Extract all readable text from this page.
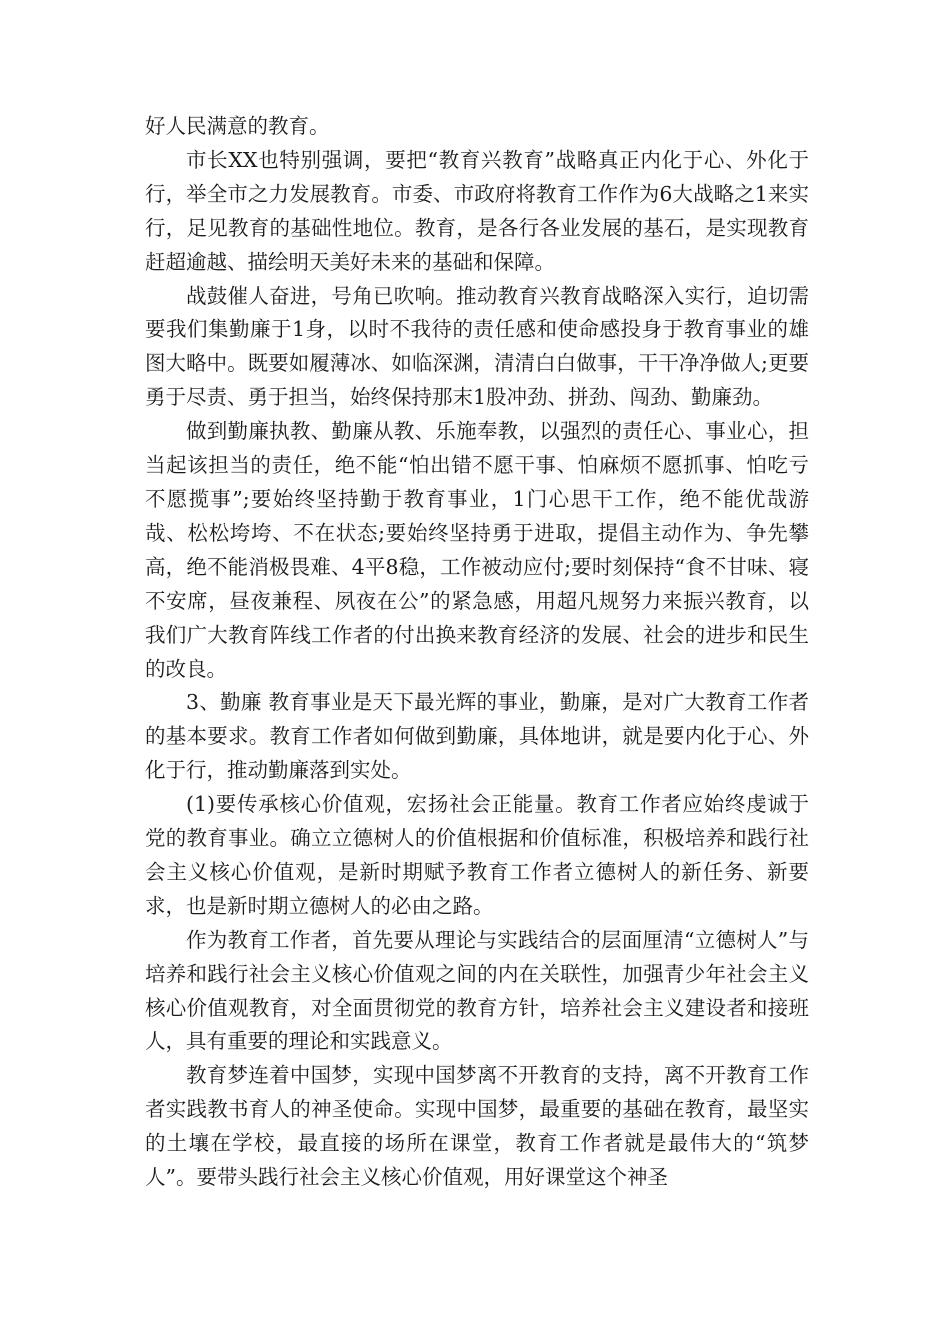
好人民满意的教育。

市长XX也特别强调，要把“教育兴教育”战略真正内化于心、外化于行，举全市之力发展教育。市委、市政府将教育工作作为6大战略之1来实行，足见教育的基础性地位。教育，是各行各业发展的基石，是实现教育赶超逾越、描绘明天美好未来的基础和保障。

战鼓催人奋进，号角已吹响。推动教育兴教育战略深入实行，迫切需要我们集勤廉于1身，以时不我待的责任感和使命感投身于教育事业的雄图大略中。既要如履薄冰、如临深渊，清清白白做事，干干净净做人;更要勇于尽责、勇于担当，始终保持那末1股冲劲、拼劲、闯劲、勤廉劲。

做到勤廉执教、勤廉从教、乐施奉教，以强烈的责任心、事业心，担当起该担当的责任，绝不能“怕出错不愿干事、怕麻烦不愿抓事、怕吃亏不愿揽事”;要始终坚持勤于教育事业，1门心思干工作，绝不能优哉游哉、松松垮垮、不在状态;要始终坚持勇于进取，提倡主动作为、争先攀高，绝不能消极畏难、4平8稳，工作被动应付;要时刻保持“食不甘味、寝不安席，昼夜兼程、夙夜在公”的紧急感，用超凡规努力来振兴教育，以我们广大教育阵线工作者的付出换来教育经济的发展、社会的进步和民生的改良。

3、勤廉 教育事业是天下最光辉的事业，勤廉，是对广大教育工作者的基本要求。教育工作者如何做到勤廉，具体地讲，就是要内化于心、外化于行，推动勤廉落到实处。

(1)要传承核心价值观，宏扬社会正能量。教育工作者应始终虔诚于党的教育事业。确立立德树人的价值根据和价值标准，积极培养和践行社会主义核心价值观，是新时期赋予教育工作者立德树人的新任务、新要求，也是新时期立德树人的必由之路。

作为教育工作者，首先要从理论与实践结合的层面厘清“立德树人”与培养和践行社会主义核心价值观之间的内在关联性，加强青少年社会主义核心价值观教育，对全面贯彻党的教育方针，培养社会主义建设者和接班人，具有重要的理论和实践意义。

教育梦连着中国梦，实现中国梦离不开教育的支持，离不开教育工作者实践教书育人的神圣使命。实现中国梦，最重要的基础在教育，最坚实的土壤在学校，最直接的场所在课堂，教育工作者就是最伟大的“筑梦人”。要带头践行社会主义核心价值观，用好课堂这个神圣
